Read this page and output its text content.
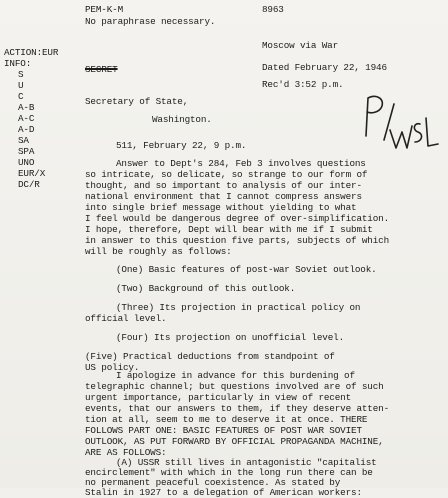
PEM-K-M
No paraphrase necessary.
8963
Moscow via War
SECRET	Dated February 22, 1946
Rec'd 3:52 p.m.
ACTION:EUR
INFO:
S
U
C
A-B
A-C
A-D
SA
SPA
UNO
EUR/X
DC/R
Secretary of State,
Washington.
511, February 22, 9 p.m.
Answer to Dept's 284, Feb 3 involves questions
so intricate, so delicate, so strange to our form of
thought, and so important to analysis of our inter-
national environment that I cannot compress answers
into single brief message without yielding to what
I feel would be dangerous degree of over-simplification.
I hope, therefore, Dept will bear with me if I submit
in answer to this question five parts, subjects of which
will be roughly as follows:
(One) Basic features of post-war Soviet outlook.
(Two) Background of this outlook.
(Three) Its projection in practical policy on
official level.
(Four) Its projection on unofficial level.
(Five) Practical deductions from standpoint of
US policy.
I apologize in advance for this burdening of
telegraphic channel; but questions involved are of such
urgent importance, particularly in view of recent
events, that our answers to them, if they deserve atten-
tion at all, seem to me to deserve it at once. THERE
FOLLOWS PART ONE: BASIC FEATURES OF POST WAR SOVIET
OUTLOOK, AS PUT FORWARD BY OFFICIAL PROPAGANDA MACHINE,
ARE AS FOLLOWS:
(A) USSR still lives in antagonistic "capitalist
encirclement" with which in the long run there can be
no permanent peaceful coexistence. As stated by
Stalin in 1927 to a delegation of American workers:
